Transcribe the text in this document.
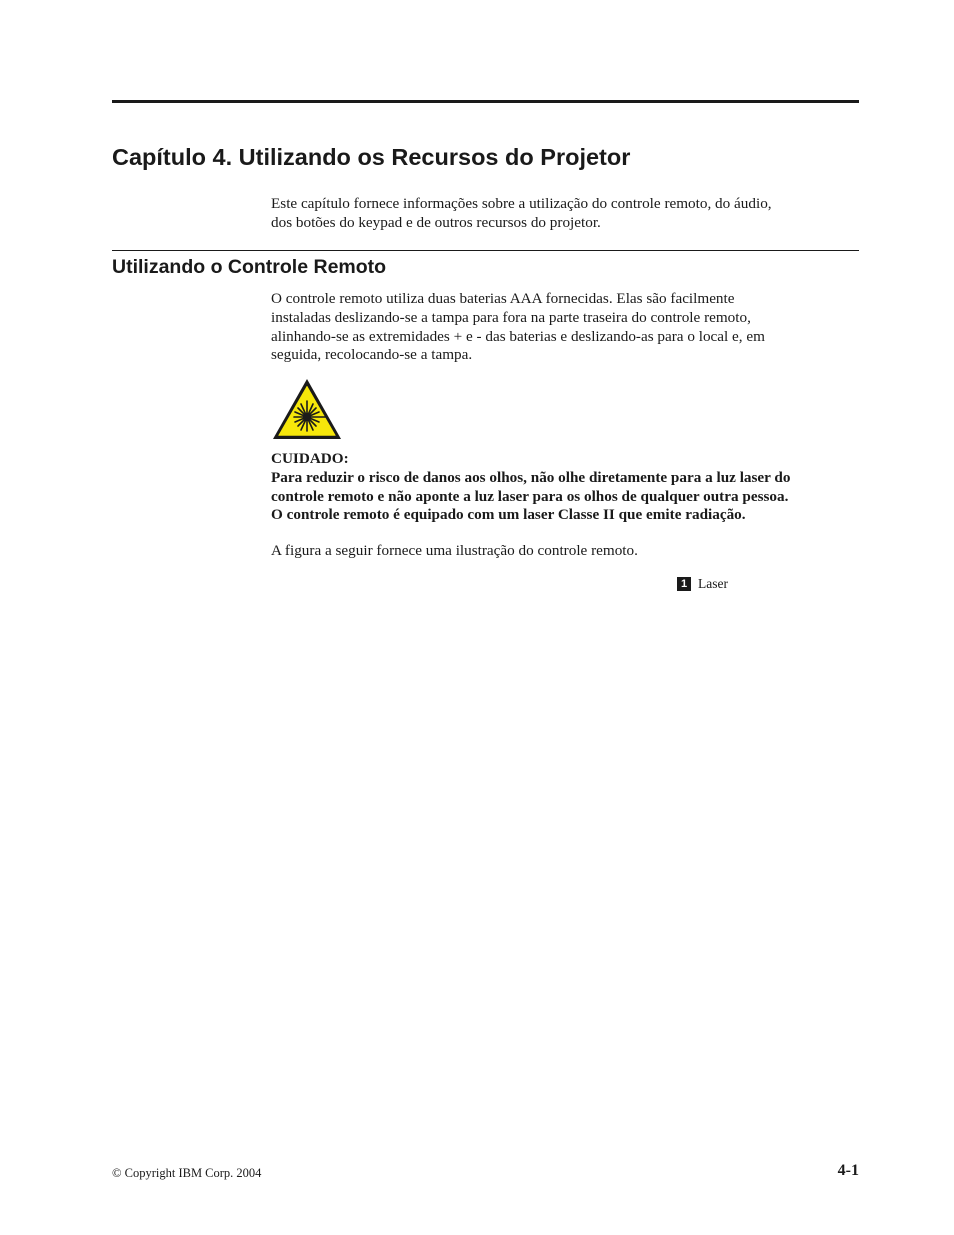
Capítulo 4. Utilizando os Recursos do Projetor
Este capítulo fornece informações sobre a utilização do controle remoto, do áudio,
dos botões do keypad e de outros recursos do projetor.
Utilizando o Controle Remoto
O controle remoto utiliza duas baterias AAA fornecidas. Elas são facilmente
instaladas deslizando-se a tampa para fora na parte traseira do controle remoto,
alinhando-se as extremidades + e - das baterias e deslizando-as para o local e, em
seguida, recolocando-se a tampa.
CUIDADO:
Para reduzir o risco de danos aos olhos, não olhe diretamente para a luz laser do
controle remoto e não aponte a luz laser para os olhos de qualquer outra pessoa.
O controle remoto é equipado com um laser Classe II que emite radiação.
A figura a seguir fornece uma ilustração do controle remoto.
1 Laser
© Copyright IBM Corp. 2004	4-1
